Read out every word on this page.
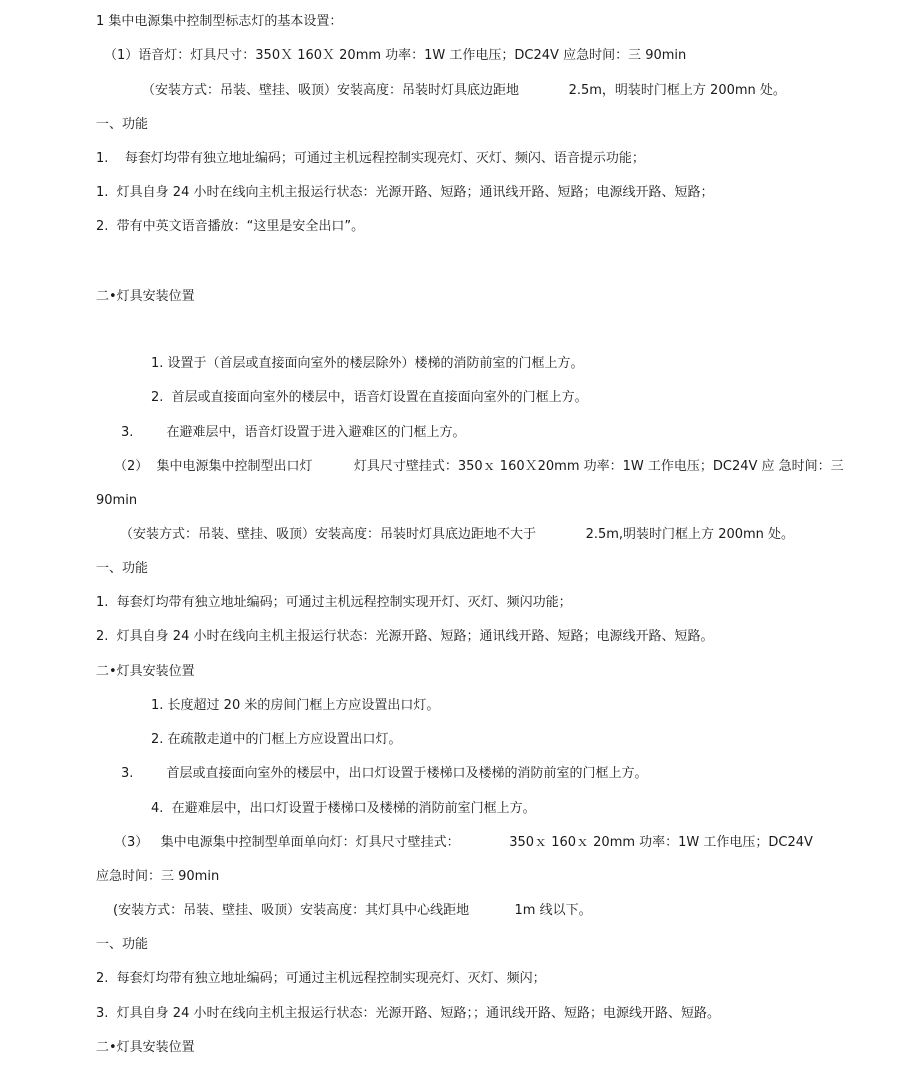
1 集中电源集中控制型标志灯的基本设置：
（1）语音灯：灯具尺寸：350Ｘ 160Ｘ 20mm 功率：1W 工作电压；DC24V 应急时间：三 90min
（安装方式：吊装、壁挂、吸顶）安装高度：吊装时灯具底边距地            2.5m，明装时门框上方 200mn 处。
一、功能
1.    每套灯均带有独立地址编码；可通过主机远程控制实现亮灯、灭灯、频闪、语音提示功能；
1.  灯具自身 24 小时在线向主机主报运行状态：光源开路、短路；通讯线开路、短路；电源线开路、短路；
2.  带有中英文语音播放：“这里是安全出口”。
二•灯具安装位置
1. 设置于（首层或直接面向室外的楼层除外）楼梯的消防前室的门框上方。
2.  首层或直接面向室外的楼层中，语音灯设置在直接面向室外的门框上方。
3.        在避难层中，语音灯设置于进入避难区的门框上方。
（2）  集中电源集中控制型出口灯          灯具尺寸壁挂式：350ｘ 160Ｘ20mm 功率：1W 工作电压；DC24V 应 急时间：三
90min
（安装方式：吊装、壁挂、吸顶）安装高度：吊装时灯具底边距地不大于            2.5m,明装时门框上方 200mn 处。
一、功能
1.  每套灯均带有独立地址编码；可通过主机远程控制实现开灯、灭灯、频闪功能；
2.  灯具自身 24 小时在线向主机主报运行状态：光源开路、短路；通讯线开路、短路；电源线开路、短路。
二•灯具安装位置
1. 长度超过 20 米的房间门框上方应设置出口灯。
2. 在疏散走道中的门框上方应设置出口灯。
3.        首层或直接面向室外的楼层中，出口灯设置于楼梯口及楼梯的消防前室的门框上方。
4.  在避难层中，出口灯设置于楼梯口及楼梯的消防前室门框上方。
（3）   集中电源集中控制型单面单向灯：灯具尺寸壁挂式：            350ｘ 160ｘ 20mm 功率：1W 工作电压；DC24V
应急时间：三 90min
(安装方式：吊装、壁挂、吸顶）安装高度：其灯具中心线距地           1m 线以下。
一、功能
2.  每套灯均带有独立地址编码；可通过主机远程控制实现亮灯、灭灯、频闪；
3.  灯具自身 24 小时在线向主机主报运行状态：光源开路、短路；；通讯线开路、短路；电源线开路、短路。
二•灯具安装位置
